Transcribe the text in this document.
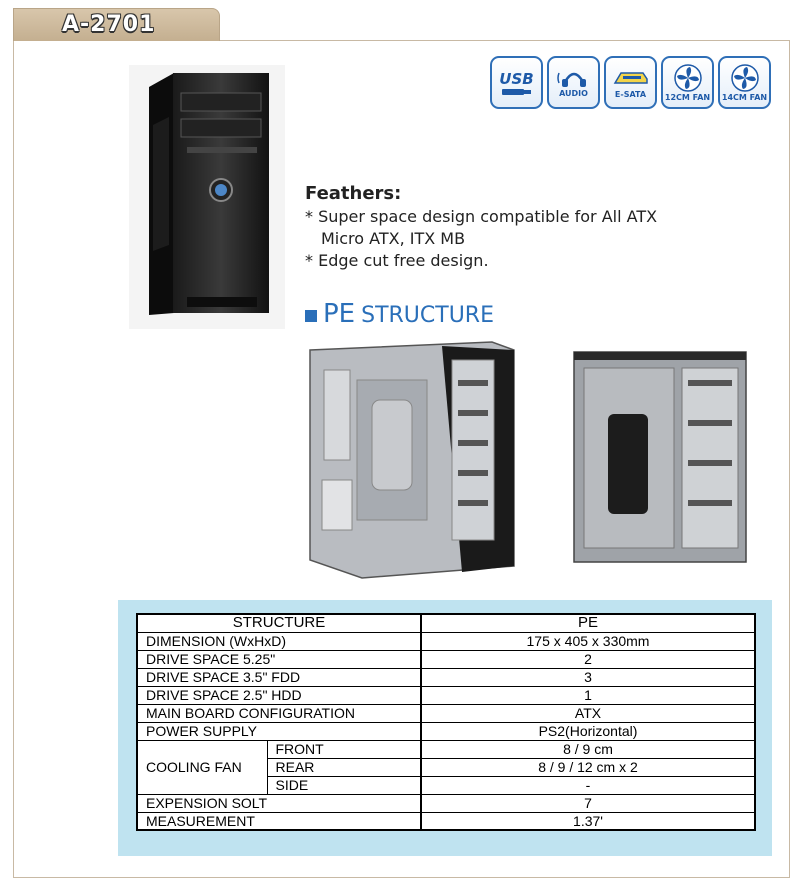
A-2701
USB
AUDIO	E-SATA 12CM FAN 14CM FAN
Feathers:

* Super space design compatible for All ATX

Micro ATX, ITX MB

* Edge cut free design.

PE STRUCTURE
STRUCTURE		PE
DIMENSION (WxHxD)		175 x 405 x 330mm
DRIVE SPACE 5.25"		2
DRIVE SPACE 3.5" FDD		3
DRIVE SPACE 2.5" HDD		1
MAIN BOARD CONFIGURATION		ATX
POWER SUPPLY		PS2(Horizontal)
COOLING FAN	FRONT	8 / 9 cm
	REAR	8 / 9 / 12 cm x 2
	SIDE	-
EXPENSION SOLT		7
MEASUREMENT		1.37'
